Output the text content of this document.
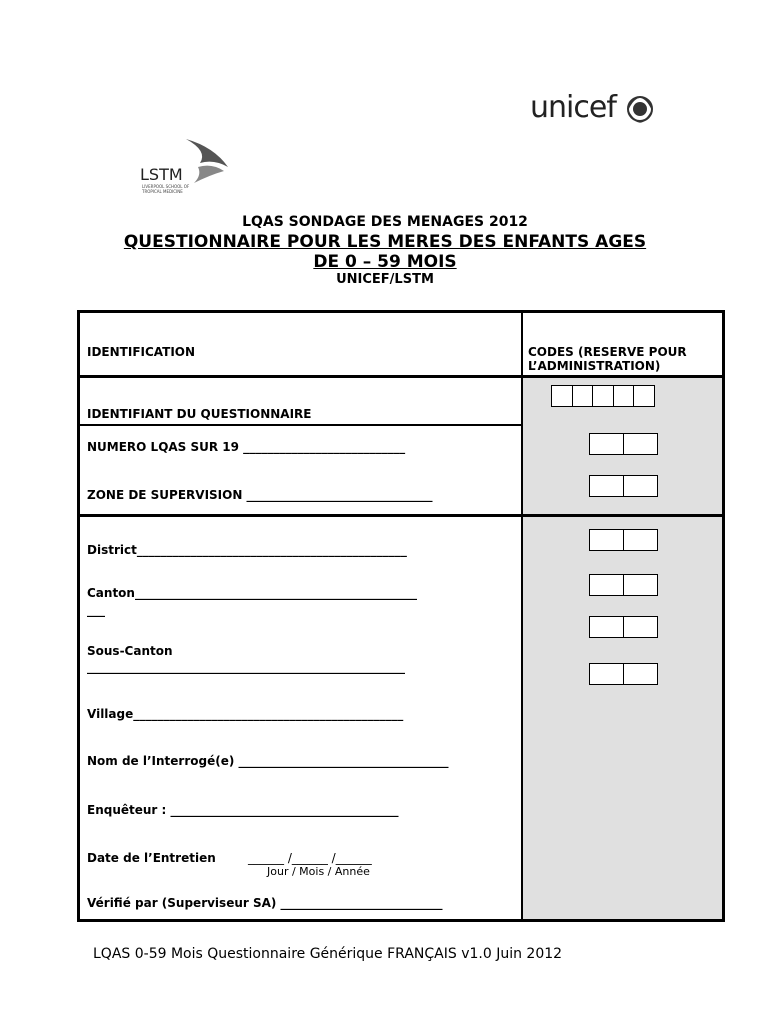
unicef
LSTM
LIVERPOOL SCHOOL OF TROPICAL MEDICINE
LQAS SONDAGE DES MENAGES 2012
QUESTIONNAIRE POUR LES MERES DES ENFANTS AGES
DE 0 – 59 MOIS
UNICEF/LSTM
IDENTIFICATION	CODES (RESERVE POUR
L’ADMINISTRATION)
IDENTIFIANT DU QUESTIONNAIRE
NUMERO LQAS SUR 19 ___________________________
ZONE DE SUPERVISION _______________________________
District_____________________________________________
Canton_______________________________________________
___
Sous-Canton
_____________________________________________________
Village_____________________________________________
Nom de l’Interrogé(e) ___________________________________
Enquêteur : ______________________________________
Date de l’Entretien	______ /______ /______
Jour / Mois / Année
Vérifié par (Superviseur SA) ___________________________
LQAS 0-59 Mois Questionnaire Générique FRANÇAIS v1.0 Juin 2012
